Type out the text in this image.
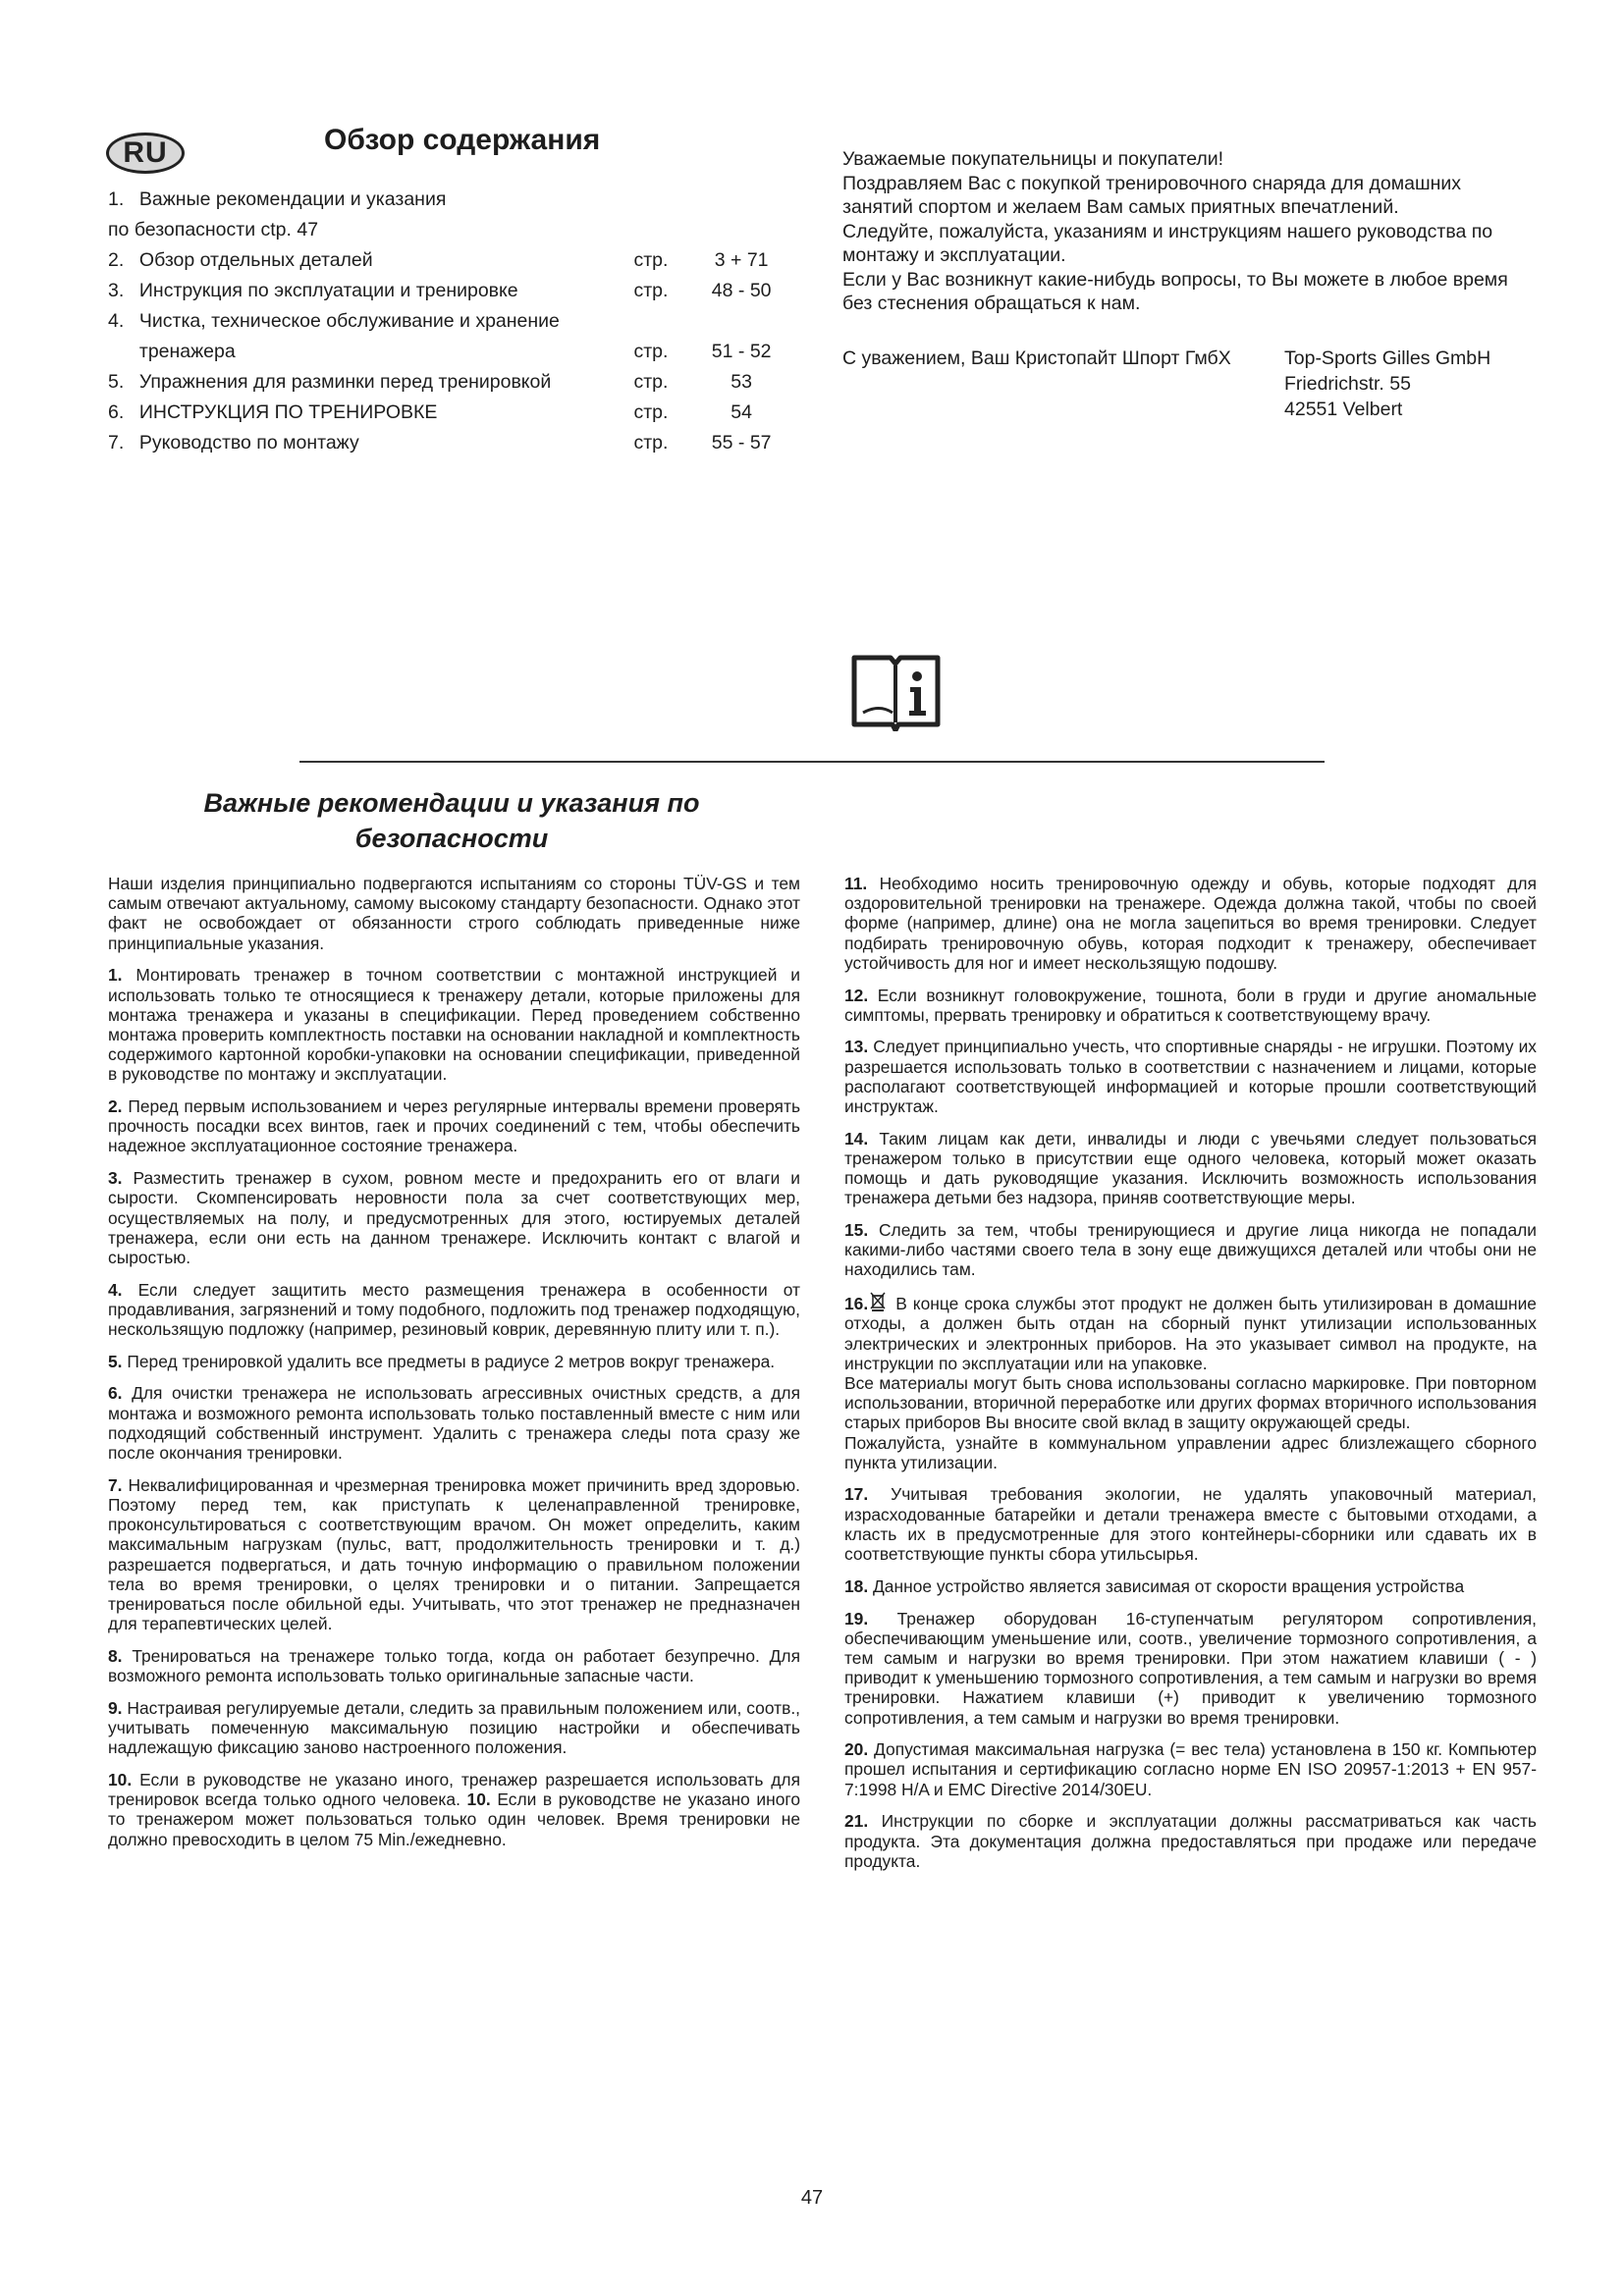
RU	Обзор содержания
1. Важные рекомендации и указания
по безопасности ctp. 47
2. Обзор отдельных деталей	стр.	3 + 71
3. Инструкция по эксплуатации и тренировке	стр.	48 - 50
4. Чистка, техническое обслуживание и хранение
тренажера	стр.	51 - 52
5. Упражнения для разминки перед тренировкой	стр.	53
6. ИНСТРУКЦИЯ ПО ТРЕНИРОВКЕ	стр.	54
7. Руководство по монтажу	стр.	55 - 57
Уважаемые покупательницы и покупатели!
Поздравляем Вас с покупкой тренировочного снаряда для домашних занятий спортом и желаем Вам самых приятных впечатлений.
Следуйте, пожалуйста, указаниям и инструкциям нашего руководства по монтажу и эксплуатации.
Если у Вас возникнут какие-нибудь вопросы, то Вы можете в любое время без стеснения обращаться к нам.
С уважением, Ваш Кристопайт Шпорт ГмбХ	Top-Sports Gilles GmbH
Friedrichstr. 55
42551 Velbert
Важные рекомендации и указания по
безопасности

Наши изделия принципиально подвергаются испытаниям со стороны TÜV-GS и тем самым отвечают актуальному, самому высокому стандарту безопасности. Однако этот факт не освобождает от обязанности строго соблюдать приведенные ниже принципиальные указания.

1. Монтировать тренажер в точном соответствии с монтажной инструкцией и использовать только те относящиеся к тренажеру детали, которые приложены для монтажа тренажера и указаны в спецификации. Перед проведением собственно монтажа проверить комплектность поставки на основании накладной и комплектность содержимого картонной коробки-упаковки на основании спецификации, приведенной в руководстве по монтажу и эксплуатации.

2. Перед первым использованием и через регулярные интервалы времени проверять прочность посадки всех винтов, гаек и прочих соединений с тем, чтобы обеспечить надежное эксплуатационное состояние тренажера.

3. Разместить тренажер в сухом, ровном месте и предохранить его от влаги и сырости. Скомпенсировать неровности пола за счет соответствующих мер, осуществляемых на полу, и предусмотренных для этого, юстируемых деталей тренажера, если они есть на данном тренажере. Исключить контакт с влагой и сыростью.

4. Если следует защитить место размещения тренажера в особенности от продавливания, загрязнений и тому подобного, подложить под тренажер подходящую, нескользящую подложку (например, резиновый коврик, деревянную плиту или т. п.).

5. Перед тренировкой удалить все предметы в радиусе 2 метров вокруг тренажера.

6. Для очистки тренажера не использовать агрессивных очистных средств, а для монтажа и возможного ремонта использовать только поставленный вместе с ним или подходящий собственный инструмент. Удалить с тренажера следы пота сразу же после окончания тренировки.

7. Неквалифицированная и чрезмерная тренировка может причинить вред здоровью. Поэтому перед тем, как приступать к целенаправленной тренировке, проконсультироваться с соответствующим врачом. Он может определить, каким максимальным нагрузкам (пульс, ватт, продолжительность тренировки и т. д.) разрешается подвергаться, и дать точную информацию о правильном положении тела во время тренировки, о целях тренировки и о питании. Запрещается тренироваться после обильной еды. Учитывать, что этот тренажер не предназначен для терапевтических целей.

8. Тренироваться на тренажере только тогда, когда он работает безупречно. Для возможного ремонта использовать только оригинальные запасные части.

9. Настраивая регулируемые детали, следить за правильным положением или, соотв., учитывать помеченную максимальную позицию настройки и обеспечивать надлежащую фиксацию заново настроенного положения.

10. Если в руководстве не указано иного, тренажер разрешается использовать для тренировок всегда только одного человека. 10. Если в руководстве не указано иного то тренажером может пользоваться только один человек. Время тренировки не должно превосходить в целом 75 Min./ежедневно.

11. Необходимо носить тренировочную одежду и обувь, которые подходят для оздоровительной тренировки на тренажере. Одежда должна такой, чтобы по своей форме (например, длине) она не могла зацепиться во время тренировки. Следует подбирать тренировочную обувь, которая подходит к тренажеру, обеспечивает устойчивость для ног и имеет нескользящую подошву.

12. Если возникнут головокружение, тошнота, боли в груди и другие аномальные симптомы, прервать тренировку и обратиться к соответствующему врачу.

13. Следует принципиально учесть, что спортивные снаряды - не игрушки. Поэтому их разрешается использовать только в соответствии с назначением и лицами, которые располагают соответствующей информацией и которые прошли соответствующий инструктаж.

14. Таким лицам как дети, инвалиды и люди с увечьями следует пользоваться тренажером только в присутствии еще одного человека, который может оказать помощь и дать руководящие указания. Исключить возможность использования тренажера детьми без надзора, приняв соответствующие меры.

15. Следить за тем, чтобы тренирующиеся и другие лица никогда не попадали какими-либо частями своего тела в зону еще движущихся деталей или чтобы они не находились там.

16. В конце срока службы этот продукт не должен быть утилизирован в домашние отходы, а должен быть отдан на сборный пункт утилизации использованных электрических и электронных приборов. На это указывает символ на продукте, на инструкции по эксплуатации или на упаковке.

Все материалы могут быть снова использованы согласно маркировке. При повторном использовании, вторичной переработке или других формах вторичного использования старых приборов Вы вносите свой вклад в защиту окружающей среды.

Пожалуйста, узнайте в коммунальном управлении адрес близлежащего сборного пункта утилизации.

17. Учитывая требования экологии, не удалять упаковочный материал, израсходованные батарейки и детали тренажера вместе с бытовыми отходами, а класть их в предусмотренные для этого контейнеры-сборники или сдавать их в соответствующие пункты сбора утильсырья.

18. Данное устройство является зависимая от скорости вращения устройства

19. Тренажер оборудован 16-ступенчатым регулятором сопротивления, обеспечивающим уменьшение или, соотв., увеличение тормозного сопротивления, а тем самым и нагрузки во время тренировки. При этом нажатием клавиши ( - ) приводит к уменьшению тормозного сопротивления, а тем самым и нагрузки во время тренировки. Нажатием клавиши (+) приводит к увеличению тормозного сопротивления, а тем самым и нагрузки во время тренировки.

20. Допустимая максимальная нагрузка (= вес тела) установлена в 150 кг. Компьютер прошел испытания и сертификацию согласно норме EN ISO 20957-1:2013 + EN 957-7:1998 H/A и EMC Directive 2014/30EU.

21. Инструкции по сборке и эксплуатации должны рассматриваться как часть продукта. Эта документация должна предоставляться при продаже или передаче продукта.

47
